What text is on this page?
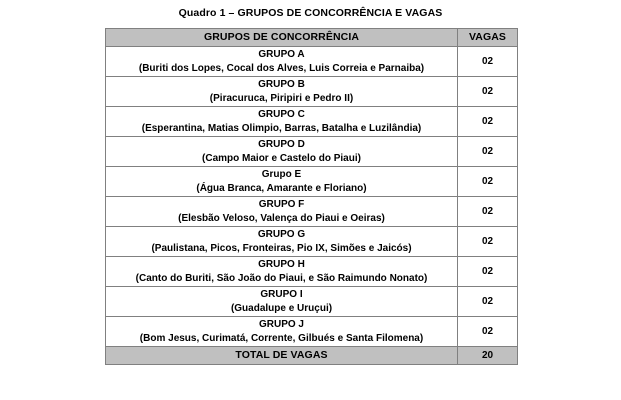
Quadro 1 – GRUPOS DE CONCORRÊNCIA E VAGAS
GRUPOS DE CONCORRÊNCIA	VAGAS

GRUPO A
(Buriti dos Lopes, Cocal dos Alves, Luis Correia e Parnaiba)	02

GRUPO B
(Piracuruca, Piripiri e Pedro II)	02

GRUPO C
(Esperantina, Matias Olimpio, Barras, Batalha e Luzilândia)	02

GRUPO D
(Campo Maior e Castelo do Piaui)	02

Grupo E
(Água Branca, Amarante e Floriano)	02

GRUPO F
(Elesbão Veloso, Valença do Piaui e Oeiras)	02

GRUPO G
(Paulistana, Picos, Fronteiras, Pio IX, Simões e Jaicós)	02

GRUPO H
(Canto do Buriti, São João do Piaui, e São Raimundo Nonato)	02

GRUPO I
(Guadalupe e Uruçui)	02

GRUPO J
(Bom Jesus, Curimatá, Corrente, Gilbués e Santa Filomena)	02
TOTAL DE VAGAS	20
